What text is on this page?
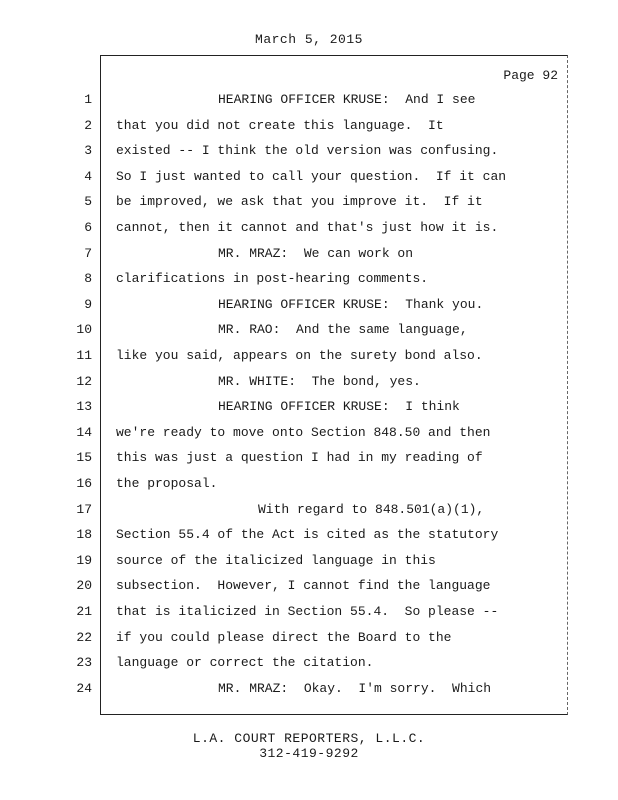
March 5, 2015
Page 92
1	HEARING OFFICER KRUSE:  And I see
2 that you did not create this language.  It
3 existed -- I think the old version was confusing.
4 So I just wanted to call your question.  If it can
5 be improved, we ask that you improve it.  If it
6 cannot, then it cannot and that's just how it is.
7	MR. MRAZ:  We can work on
8 clarifications in post-hearing comments.
9	HEARING OFFICER KRUSE:  Thank you.
10	MR. RAO:  And the same language,
11 like you said, appears on the surety bond also.
12	MR. WHITE:  The bond, yes.
13	HEARING OFFICER KRUSE:  I think
14 we're ready to move onto Section 848.50 and then
15 this was just a question I had in my reading of
16 the proposal.
17	With regard to 848.501(a)(1),
18 Section 55.4 of the Act is cited as the statutory
19 source of the italicized language in this
20 subsection.  However, I cannot find the language
21 that is italicized in Section 55.4.  So please --
22 if you could please direct the Board to the
23 language or correct the citation.
24	MR. MRAZ:  Okay.  I'm sorry.  Which
L.A. COURT REPORTERS, L.L.C.
312-419-9292
